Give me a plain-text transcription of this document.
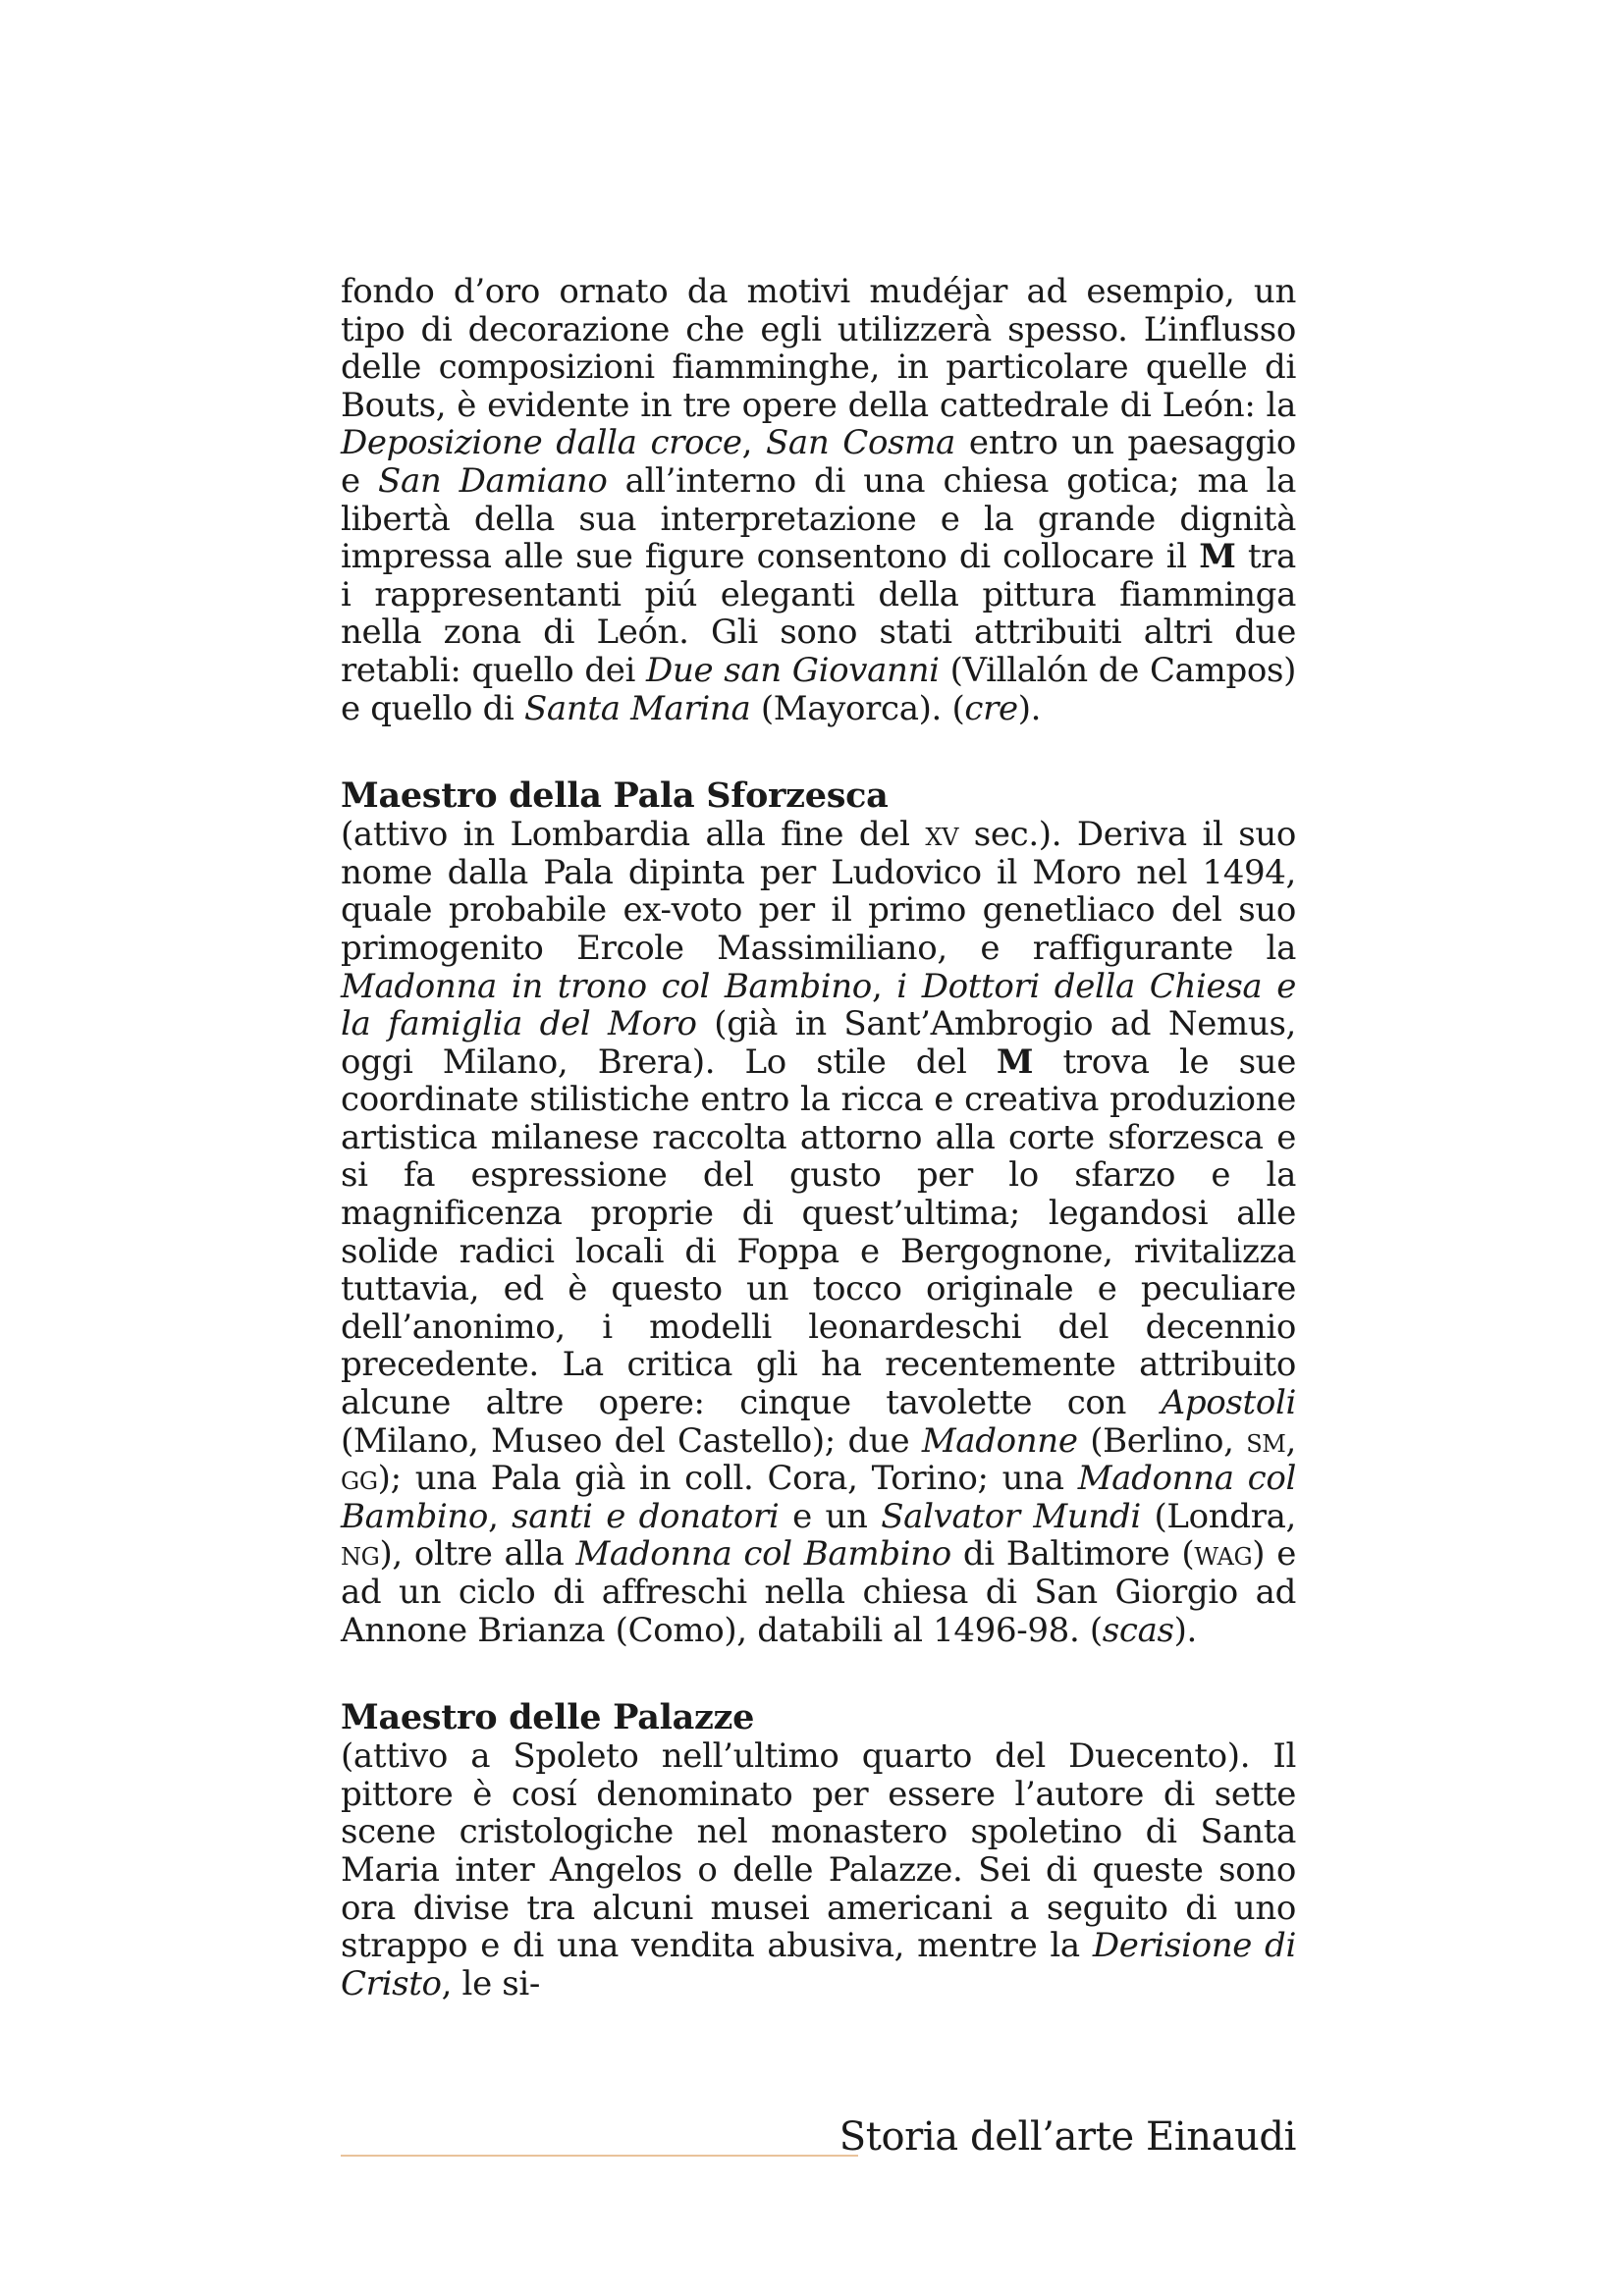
fondo d’oro ornato da motivi mudéjar ad esempio, un tipo di decorazione che egli utilizzerà spesso. L’influsso delle composizioni fiamminghe, in particolare quelle di Bouts, è evidente in tre opere della cattedrale di León: la Deposizione dalla croce, San Cosma entro un paesaggio e San Damiano all’interno di una chiesa gotica; ma la libertà della sua interpretazione e la grande dignità impressa alle sue figure consentono di collocare il M tra i rappresentanti piú eleganti della pittura fiamminga nella zona di León. Gli sono stati attribuiti altri due retabli: quello dei Due san Giovanni (Villalón de Campos) e quello di Santa Marina (Mayorca). (cre).

Maestro della Pala Sforzesca

(attivo in Lombardia alla fine del xv sec.). Deriva il suo nome dalla Pala dipinta per Ludovico il Moro nel 1494, quale probabile ex-voto per il primo genetliaco del suo primogenito Ercole Massimiliano, e raffigurante la Madonna in trono col Bambino, i Dottori della Chiesa e la famiglia del Moro (già in Sant’Ambrogio ad Nemus, oggi Milano, Brera). Lo stile del M trova le sue coordinate stilistiche entro la ricca e creativa produzione artistica milanese raccolta attorno alla corte sforzesca e si fa espressione del gusto per lo sfarzo e la magnificenza proprie di quest’ultima; legandosi alle solide radici locali di Foppa e Bergognone, rivitalizza tuttavia, ed è questo un tocco originale e peculiare dell’anonimo, i modelli leonardeschi del decennio precedente. La critica gli ha recentemente attribuito alcune altre opere: cinque tavolette con Apostoli (Milano, Museo del Castello); due Madonne (Berlino, sm, gg); una Pala già in coll. Cora, Torino; una Madonna col Bambino, santi e donatori e un Salvator Mundi (Londra, ng), oltre alla Madonna col Bambino di Baltimore (wag) e ad un ciclo di affreschi nella chiesa di San Giorgio ad Annone Brianza (Como), databili al 1496-98. (scas).

Maestro delle Palazze

(attivo a Spoleto nell’ultimo quarto del Duecento). Il pittore è cosí denominato per essere l’autore di sette scene cristologiche nel monastero spoletino di Santa Maria inter Angelos o delle Palazze. Sei di queste sono ora divise tra alcuni musei americani a seguito di uno strappo e di una vendita abusiva, mentre la Derisione di Cristo, le si-

Storia dell’arte Einaudi
